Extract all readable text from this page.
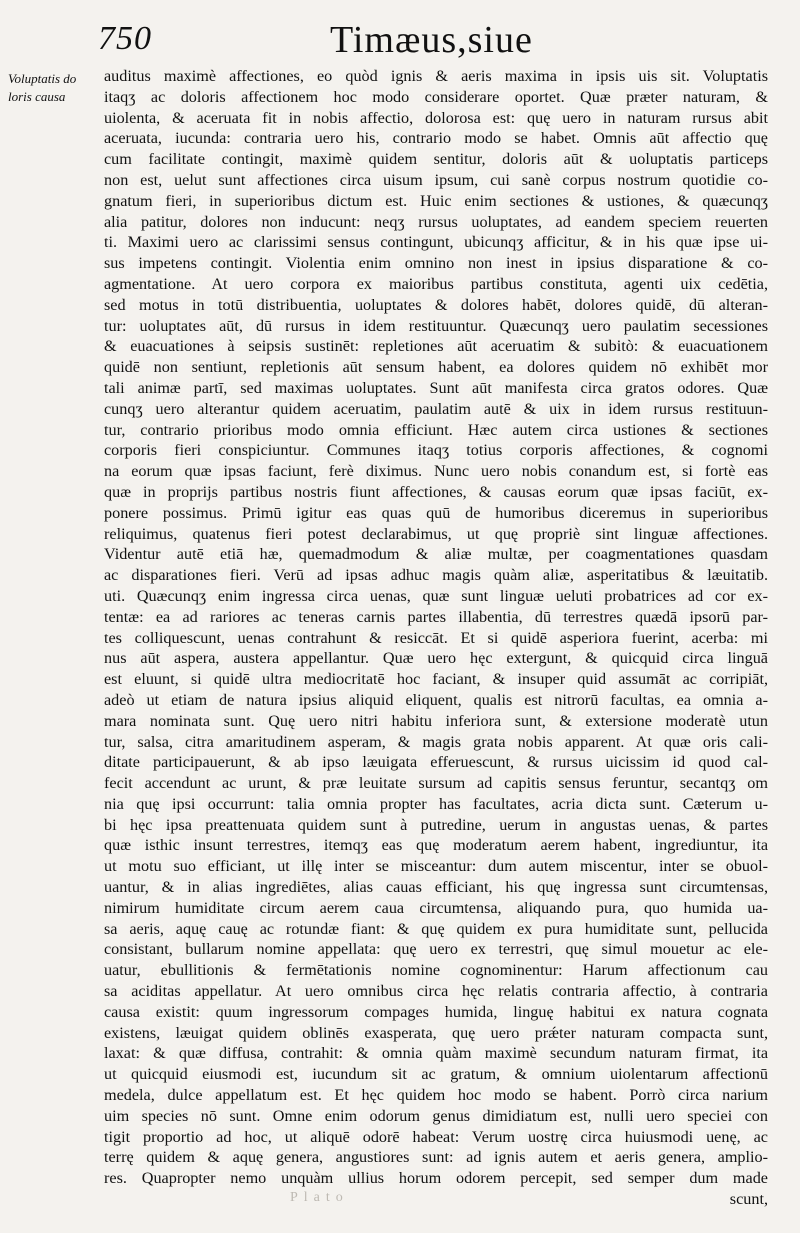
750	Timæus,siue
Voluptatis do
loris causa
auditus maximè affectiones, eo quòd ignis & aeris maxima in ipsis uis sit. Voluptatis
itaqʒ ac doloris affectionem hoc modo considerare oportet. Quæ præter naturam, &
uiolenta, & aceruata fit in nobis affectio, dolorosa est: quę uero in naturam rursus abit
aceruata, iucunda: contraria uero his, contrario modo se habet. Omnis aūt affectio quę
cum facilitate contingit, maximè quidem sentitur, doloris aūt & uoluptatis particeps
non est, uelut sunt affectiones circa uisum ipsum, cui sanè corpus nostrum quotidie co-
gnatum fieri, in superioribus dictum est. Huic enim sectiones & ustiones, & quæcunqʒ
alia patitur, dolores non inducunt: neqʒ rursus uoluptates, ad eandem speciem reuerten
ti. Maximi uero ac clarissimi sensus contingunt, ubicunqʒ afficitur, & in his quæ ipse ui-
sus impetens contingit. Violentia enim omnino non inest in ipsius disparatione & co-
agmentatione. At uero corpora ex maioribus partibus constituta, agenti uix cedētia,
sed motus in totū distribuentia, uoluptates & dolores habēt, dolores quidē, dū alteran-
tur: uoluptates aūt, dū rursus in idem restituuntur. Quæcunqʒ uero paulatim secessiones
& euacuationes à seipsis sustinēt: repletiones aūt aceruatim & subitò: & euacuationem
quidē non sentiunt, repletionis aūt sensum habent, ea dolores quidem nō exhibēt mor
tali animæ partī, sed maximas uoluptates. Sunt aūt manifesta circa gratos odores. Quæ
cunqʒ uero alterantur quidem aceruatim, paulatim autē & uix in idem rursus restituun-
tur, contrario prioribus modo omnia efficiunt. Hæc autem circa ustiones & sectiones
corporis fieri conspiciuntur. Communes itaqʒ totius corporis affectiones, & cognomi
na eorum quæ ipsas faciunt, ferè diximus. Nunc uero nobis conandum est, si fortè eas
quæ in proprijs partibus nostris fiunt affectiones, & causas eorum quæ ipsas faciūt, ex-
ponere possimus. Primū igitur eas quas quū de humoribus diceremus in superioribus
reliquimus, quatenus fieri potest declarabimus, ut quę propriè sint linguæ affectiones.
Videntur autē etiā hæ, quemadmodum & aliæ multæ, per coagmentationes quasdam
ac disparationes fieri. Verū ad ipsas adhuc magis quàm aliæ, asperitatibus & læuitatib.
uti. Quæcunqʒ enim ingressa circa uenas, quæ sunt linguæ ueluti probatrices ad cor ex-
tentæ: ea ad rariores ac teneras carnis partes illabentia, dū terrestres quædā ipsorū par-
tes colliquescunt, uenas contrahunt & resiccāt. Et si quidē asperiora fuerint, acerba: mi
nus aūt aspera, austera appellantur. Quæ uero hęc extergunt, & quicquid circa linguā
est eluunt, si quidē ultra mediocritatē hoc faciant, & insuper quid assumāt ac corripiāt,
adeò ut etiam de natura ipsius aliquid eliquent, qualis est nitrorū facultas, ea omnia a-
mara nominata sunt. Quę uero nitri habitu inferiora sunt, & extersione moderatè utun
tur, salsa, citra amaritudinem asperam, & magis grata nobis apparent. At quæ oris cali-
ditate participauerunt, & ab ipso læuigata efferuescunt, & rursus uicissim id quod cal-
fecit accendunt ac urunt, & præ leuitate sursum ad capitis sensus feruntur, secantqʒ om
nia quę ipsi occurrunt: talia omnia propter has facultates, acria dicta sunt. Cæterum u-
bi hęc ipsa preattenuata quidem sunt à putredine, uerum in angustas uenas, & partes
quæ isthic insunt terrestres, itemqʒ eas quę moderatum aerem habent, ingrediuntur, ita
ut motu suo efficiant, ut illę inter se misceantur: dum autem miscentur, inter se obuol-
uantur, & in alias ingrediētes, alias cauas efficiant, his quę ingressa sunt circumtensas,
nimirum humiditate circum aerem caua circumtensa, aliquando pura, quo humida ua-
sa aeris, aquę cauę ac rotundæ fiant: & quę quidem ex pura humiditate sunt, pellucida
consistant, bullarum nomine appellata: quę uero ex terrestri, quę simul mouetur ac ele-
uatur, ebullitionis & fermētationis nomine cognominentur: Harum affectionum cau
sa aciditas appellatur. At uero omnibus circa hęc relatis contraria affectio, à contraria
causa existit: quum ingressorum compages humida, linguę habitui ex natura cognata
existens, læuigat quidem oblinēs exasperata, quę uero prǽter naturam compacta sunt,
laxat: & quæ diffusa, contrahit: & omnia quàm maximè secundum naturam firmat, ita
ut quicquid eiusmodi est, iucundum sit ac gratum, & omnium uiolentarum affectionū
medela, dulce appellatum est. Et hęc quidem hoc modo se habent. Porrò circa narium
uim species nō sunt. Omne enim odorum genus dimidiatum est, nulli uero speciei con
tigit proportio ad hoc, ut aliquē odorē habeat: Verum uostrę circa huiusmodi uenę, ac
terrę quidem & aquę genera, angustiores sunt: ad ignis autem et aeris genera, amplio-
res. Quapropter nemo unquàm ullius horum odorem percepit, sed semper dum made
scunt,
Plato
